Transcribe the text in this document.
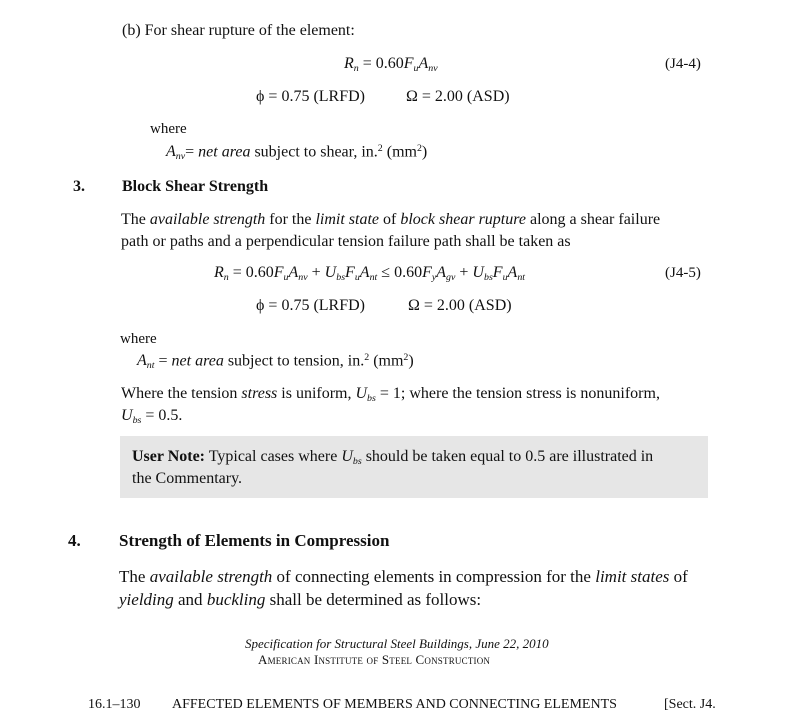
(b) For shear rupture of the element:
$R_n = 0.60F_uA_{nv}$	(J4-4)
ϕ = 0.75 (LRFD)	Ω = 2.00 (ASD)
where
$A_{nv}=$ net area subject to shear, in.$^2$ $(mm^2)$
3. Block Shear Strength
The available strength for the limit state of block shear rupture along a shear failure
path or paths and a perpendicular tension failure path shall be taken as
$R_n = 0.60F_uA_{nv} + U_{bs}F_uA_{nt} \le 0.60F_yA_{gv} + U_{bs}F_uA_{nt}$	(J4-5)
ϕ = 0.75 (LRFD)	Ω = 2.00 (ASD)
where
$A_{nt}$ = net area subject to tension, in.$^2$ $(mm^2)$
Where the tension stress is uniform, $U_{bs} = 1$; where the tension stress is nonuniform,
$U_{bs} = 0.5$.
User Note: Typical cases where $U_{bs}$ should be taken equal to 0.5 are illustrated in
the Commentary.
4. Strength of Elements in Compression
The available strength of connecting elements in compression for the limit states of
yielding and buckling shall be determined as follows:
Specification for Structural Steel Buildings, June 22, 2010
American Institute of Steel Construction
16.1–130 AFFECTED ELEMENTS OF MEMBERS AND CONNECTING ELEMENTS	[Sect. J4.
